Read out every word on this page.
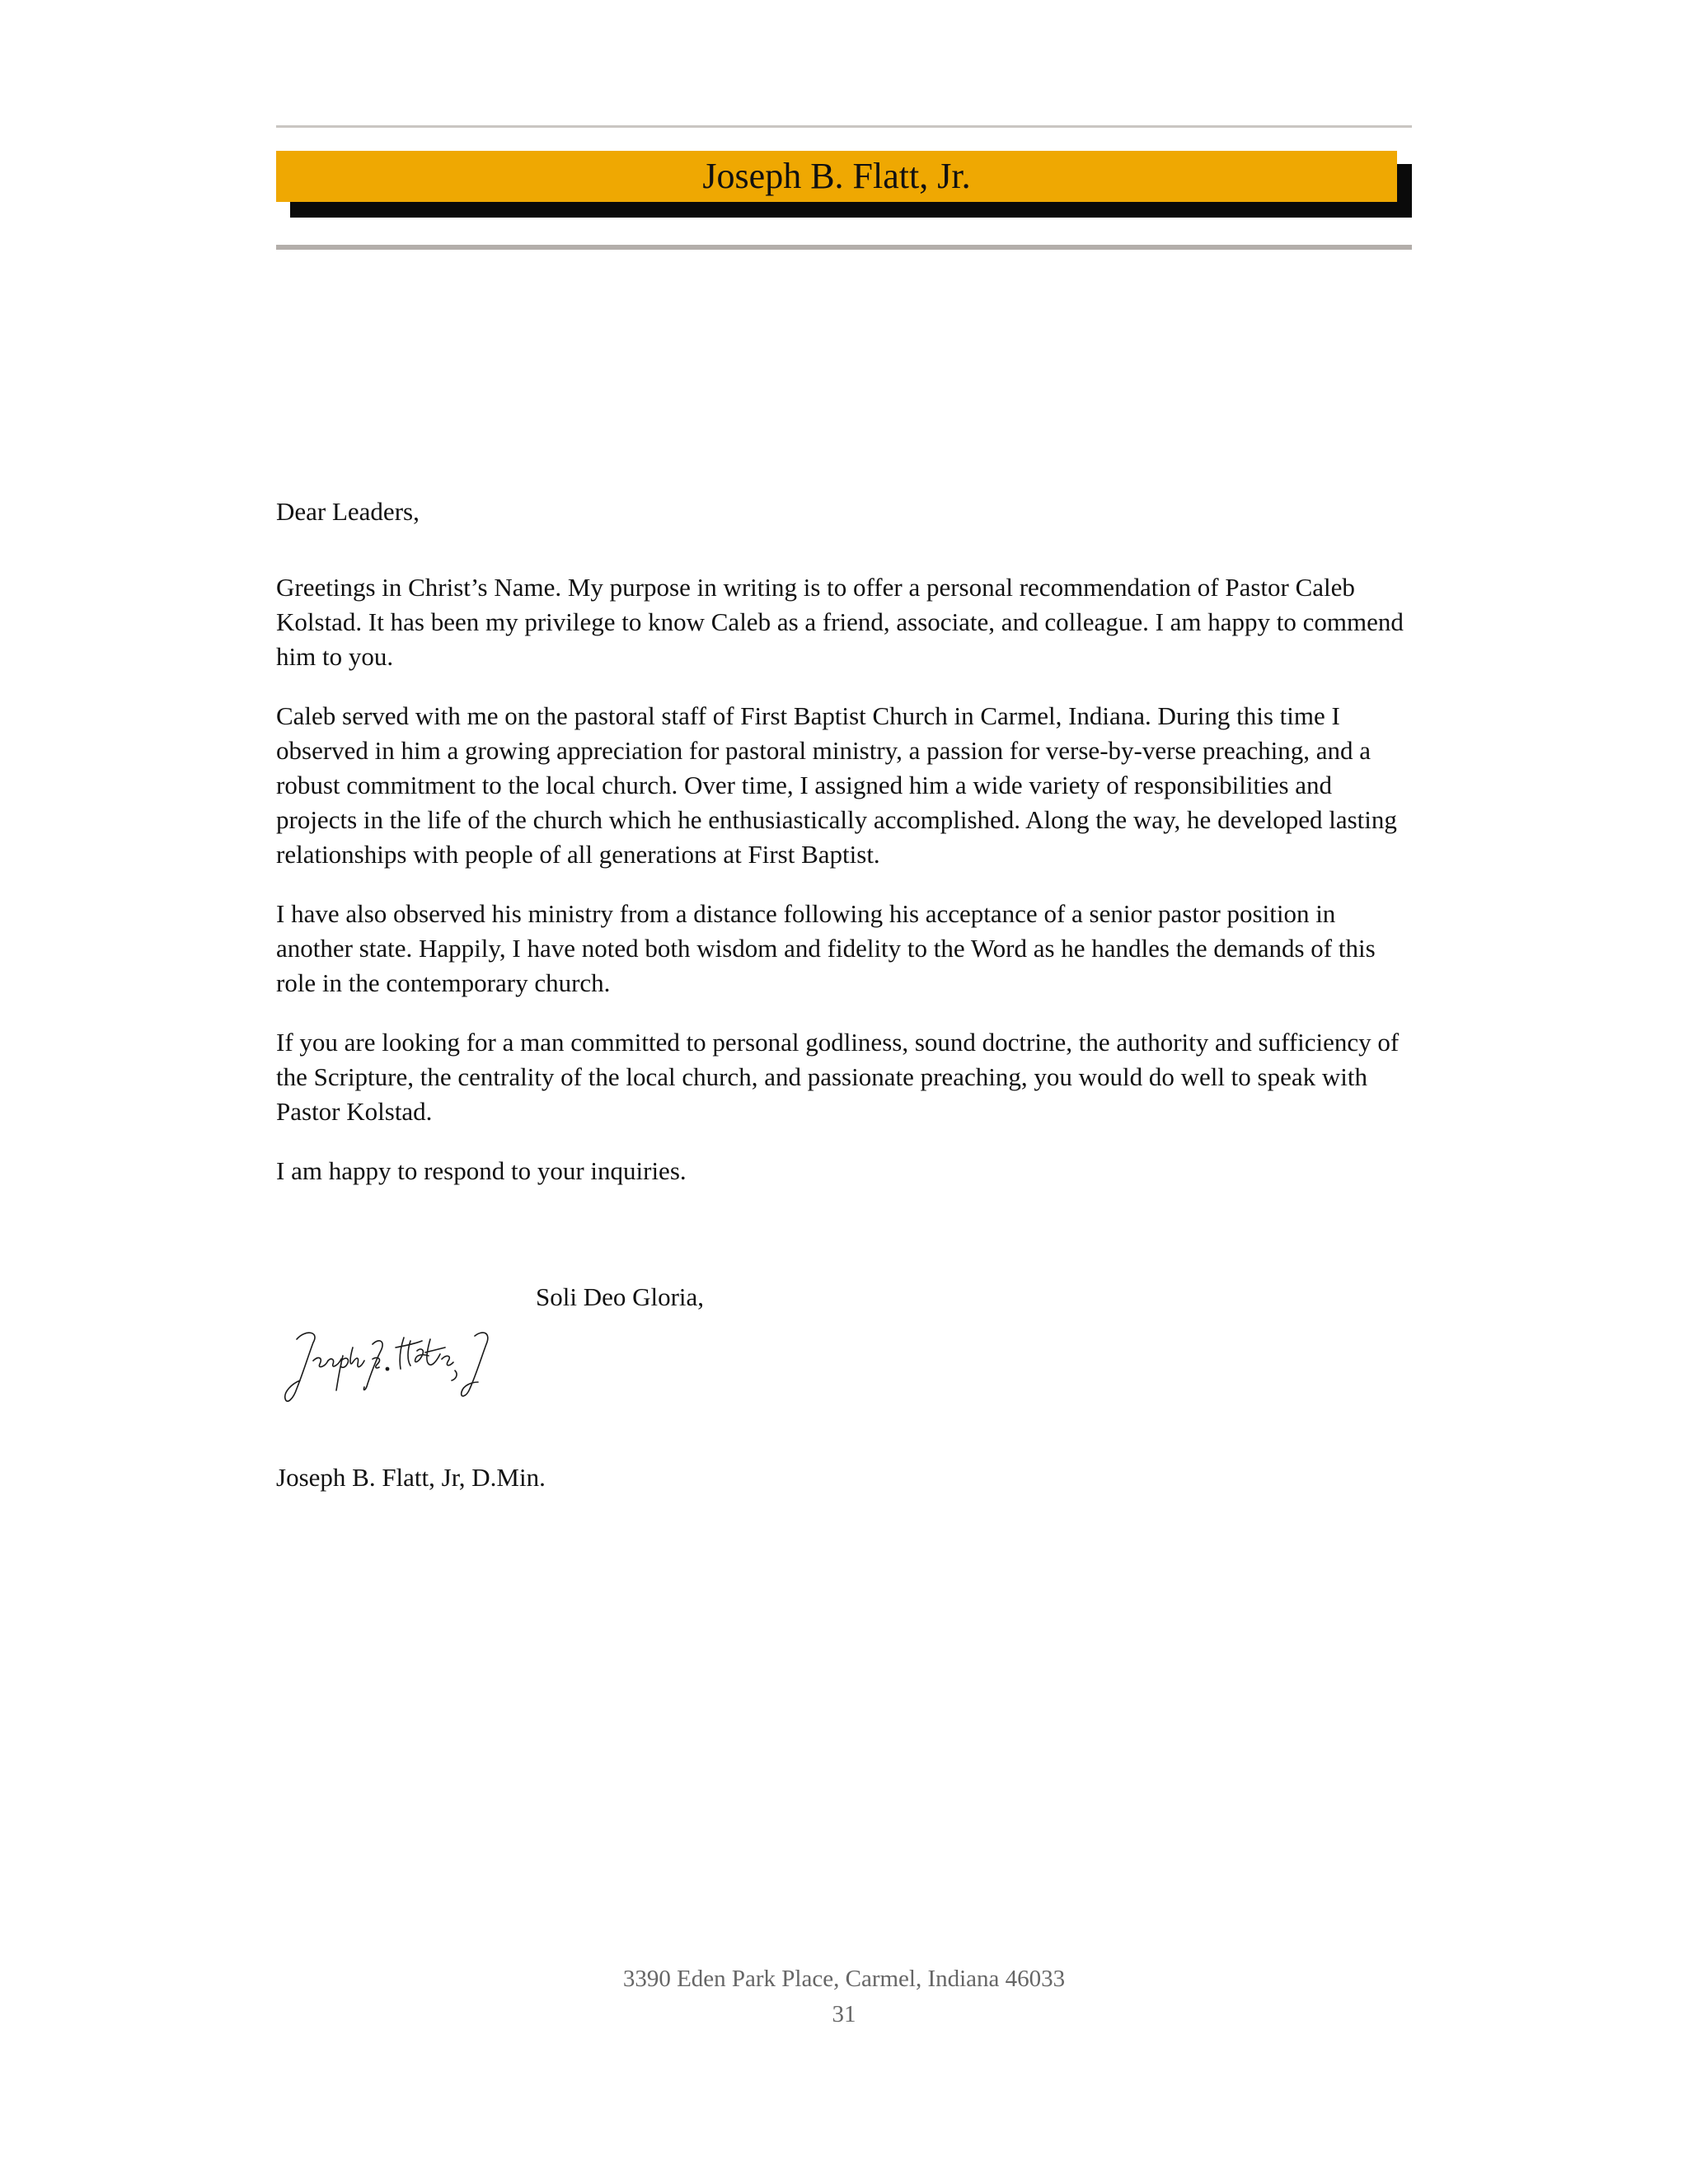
Joseph B. Flatt, Jr.

Dear Leaders,

Greetings in Christ’s Name. My purpose in writing is to offer a personal recommendation of Pastor Caleb Kolstad. It has been my privilege to know Caleb as a friend, associate, and colleague. I am happy to commend him to you.

Caleb served with me on the pastoral staff of First Baptist Church in Carmel, Indiana. During this time I observed in him a growing appreciation for pastoral ministry, a passion for verse-by-verse preaching, and a robust commitment to the local church. Over time, I assigned him a wide variety of responsibilities and projects in the life of the church which he enthusiastically accomplished. Along the way, he developed lasting relationships with people of all generations at First Baptist.

I have also observed his ministry from a distance following his acceptance of a senior pastor position in another state. Happily, I have noted both wisdom and fidelity to the Word as he handles the demands of this role in the contemporary church.

If you are looking for a man committed to personal godliness, sound doctrine, the authority and sufficiency of the Scripture, the centrality of the local church, and passionate preaching, you would do well to speak with Pastor Kolstad.

I am happy to respond to your inquiries.

Soli Deo Gloria,
Joseph B. Flatt, Jr, D.Min.
3390 Eden Park Place, Carmel, Indiana 46033
31
